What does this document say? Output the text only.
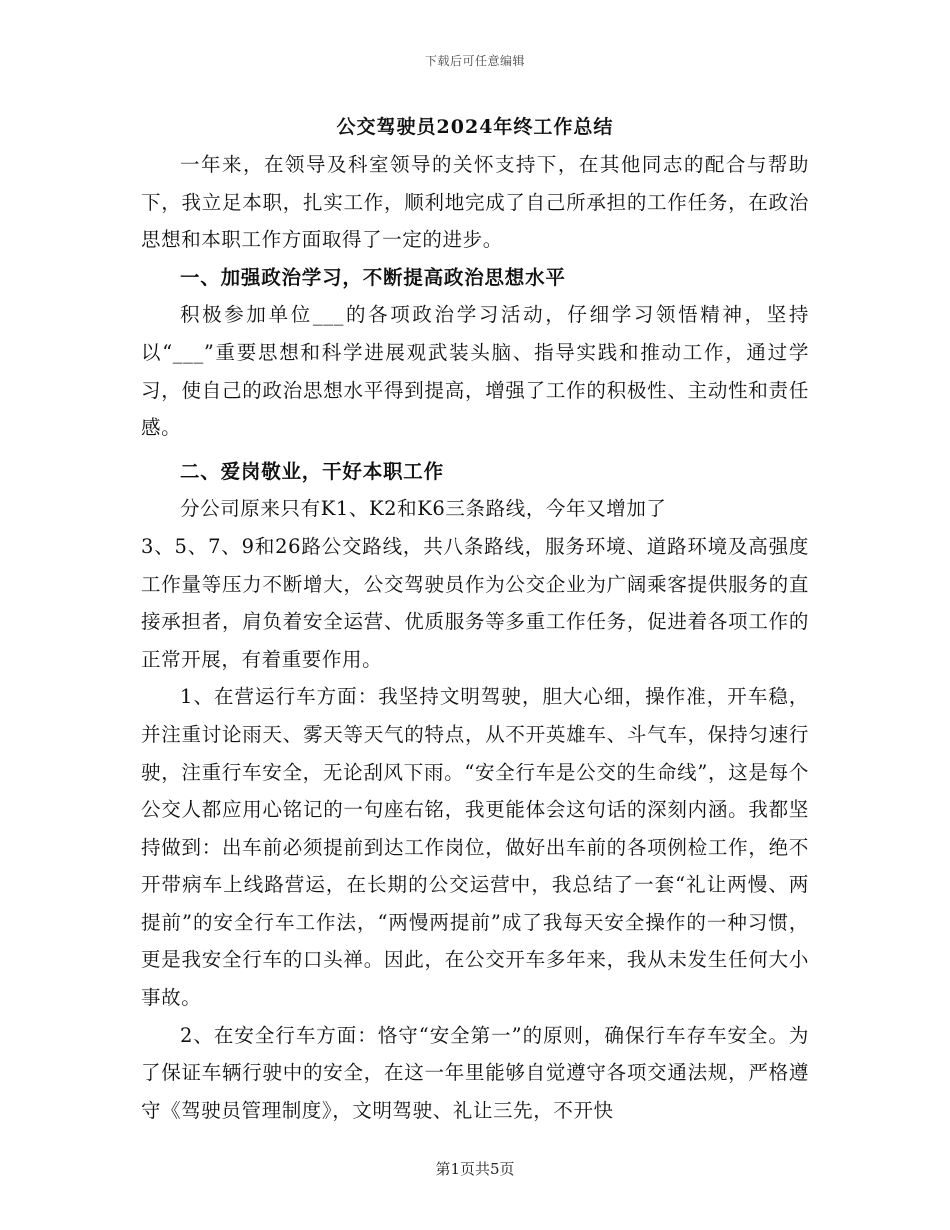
下载后可任意编辑
公交驾驶员2024年终工作总结

一年来，在领导及科室领导的关怀支持下，在其他同志的配合与帮助下，我立足本职，扎实工作，顺利地完成了自己所承担的工作任务，在政治思想和本职工作方面取得了一定的进步。

一、加强政治学习，不断提高政治思想水平

积极参加单位___的各项政治学习活动，仔细学习领悟精神，坚持以“___”重要思想和科学进展观武装头脑、指导实践和推动工作，通过学习，使自己的政治思想水平得到提高，增强了工作的积极性、主动性和责任感。

二、爱岗敬业，干好本职工作

分公司原来只有K1、K2和K6三条路线，今年又增加了

3、5、7、9和26路公交路线，共八条路线，服务环境、道路环境及高强度工作量等压力不断增大，公交驾驶员作为公交企业为广阔乘客提供服务的直接承担者，肩负着安全运营、优质服务等多重工作任务，促进着各项工作的正常开展，有着重要作用。

1、在营运行车方面：我坚持文明驾驶，胆大心细，操作准，开车稳，并注重讨论雨天、雾天等天气的特点，从不开英雄车、斗气车，保持匀速行驶，注重行车安全，无论刮风下雨。“安全行车是公交的生命线”，这是每个公交人都应用心铭记的一句座右铭，我更能体会这句话的深刻内涵。我都坚持做到：出车前必须提前到达工作岗位，做好出车前的各项例检工作，绝不开带病车上线路营运，在长期的公交运营中，我总结了一套“礼让两慢、两提前”的安全行车工作法，“两慢两提前”成了我每天安全操作的一种习惯，更是我安全行车的口头禅。因此，在公交开车多年来，我从未发生任何大小事故。

2、在安全行车方面：恪守“安全第一”的原则，确保行车存车安全。为了保证车辆行驶中的安全，在这一年里能够自觉遵守各项交通法规，严格遵守《驾驶员管理制度》，文明驾驶、礼让三先，不开快

第1页共5页
